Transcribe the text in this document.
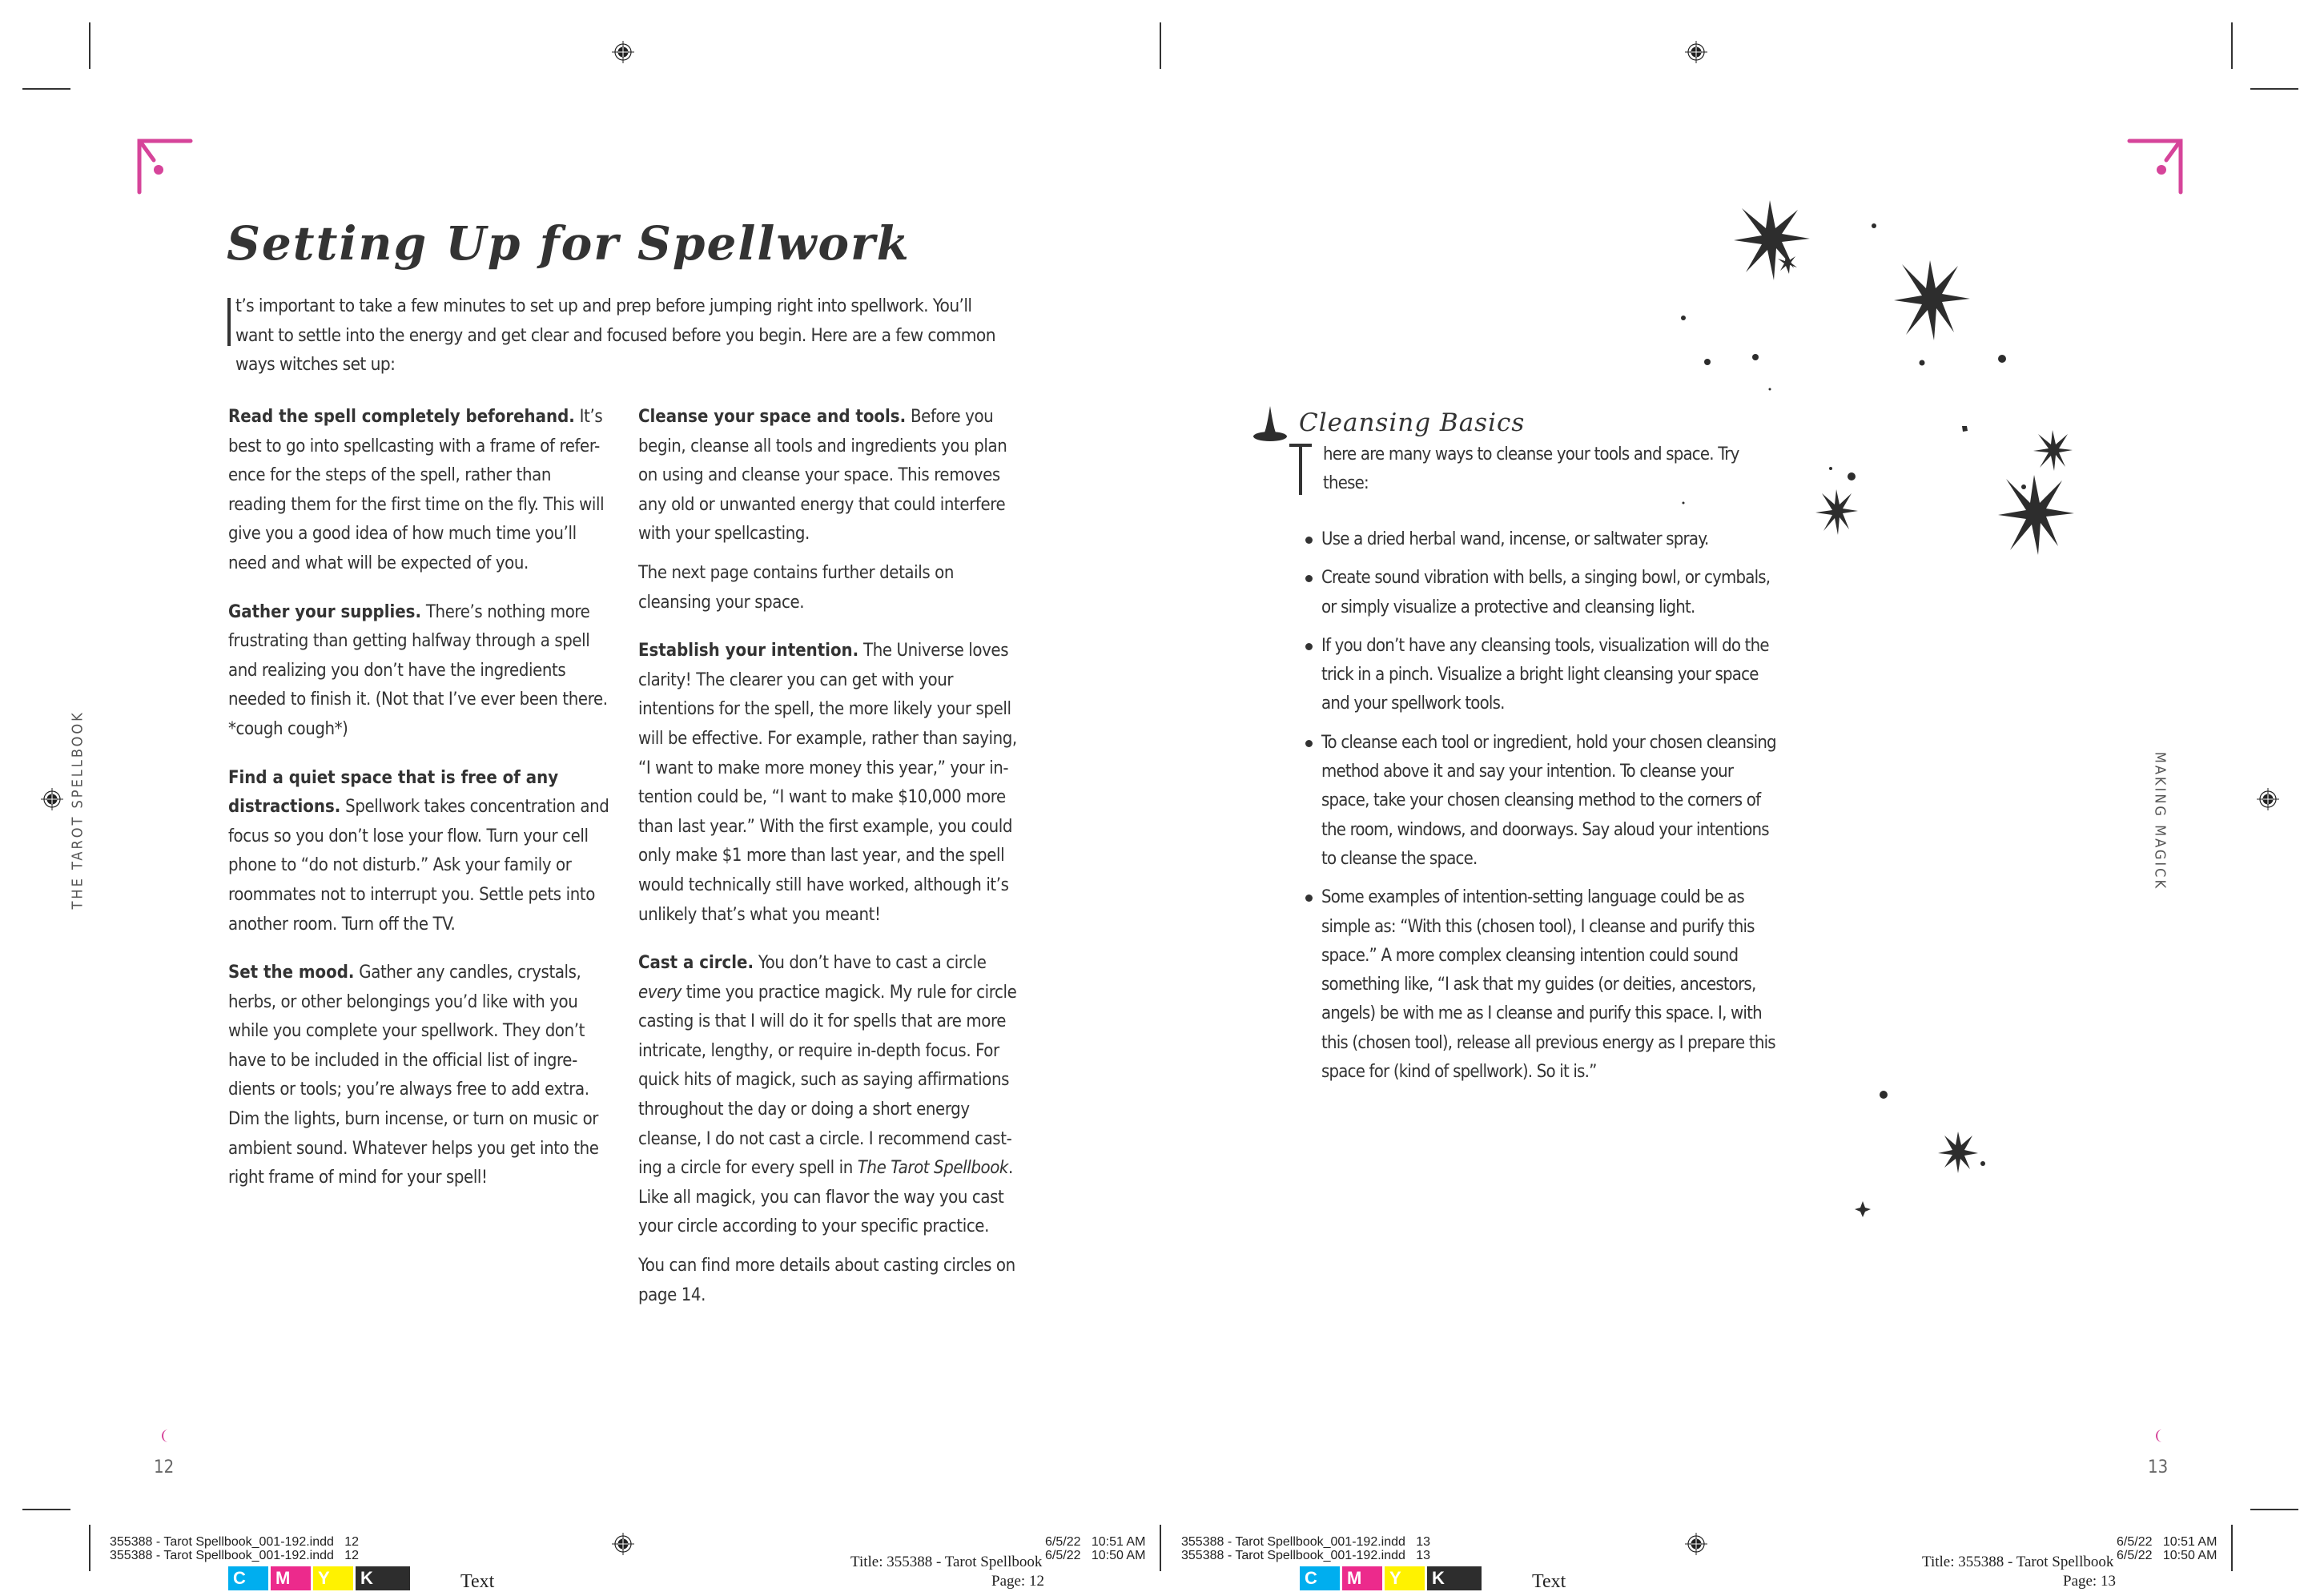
Setting Up for Spellwork
t’s important to take a few minutes to set up and prep before jumping right into spellwork. You’ll want to settle into the energy and get clear and focused before you begin. Here are a few common ways witches set up:

Read the spell completely beforehand. It’s best to go into spellcasting with a frame of refer-ence for the steps of the spell, rather than reading them for the first time on the fly. This will give you a good idea of how much time you’ll need and what will be expected of you.

Gather your supplies. There’s nothing more frustrating than getting halfway through a spell and realizing you don’t have the ingredients needed to finish it. (Not that I’ve ever been there. *cough cough*)

Find a quiet space that is free of any distractions. Spellwork takes concentration and focus so you don’t lose your flow. Turn your cell phone to “do not disturb.” Ask your family or roommates not to interrupt you. Settle pets into another room. Turn off the TV.

Set the mood. Gather any candles, crystals, herbs, or other belongings you’d like with you while you complete your spellwork. They don’t have to be included in the official list of ingre-dients or tools; you’re always free to add extra. Dim the lights, burn incense, or turn on music or ambient sound. Whatever helps you get into the right frame of mind for your spell!

Cleanse your space and tools. Before you begin, cleanse all tools and ingredients you plan on using and cleanse your space. This removes any old or unwanted energy that could interfere with your spellcasting.

The next page contains further details on cleansing your space.

Establish your intention. The Universe loves clarity! The clearer you can get with your intentions for the spell, the more likely your spell will be effective. For example, rather than saying, “I want to make more money this year,” your in-tention could be, “I want to make $10,000 more than last year.” With the first example, you could only make $1 more than last year, and the spell would technically still have worked, although it’s unlikely that’s what you meant!

Cast a circle. You don’t have to cast a circle every time you practice magick. My rule for circle casting is that I will do it for spells that are more intricate, lengthy, or require in-depth focus. For quick hits of magick, such as saying affirmations throughout the day or doing a short energy cleanse, I do not cast a circle. I recommend cast-ing a circle for every spell in The Tarot Spellbook. Like all magick, you can flavor the way you cast your circle according to your specific practice.

You can find more details about casting circles on page 14.

THE TAROT SPELLBOOK
12
Cleansing Basics
here are many ways to cleanse your tools and space. Try these:
Use a dried herbal wand, incense, or saltwater spray.
Create sound vibration with bells, a singing bowl, or cymbals, or simply visualize a protective and cleansing light.
If you don’t have any cleansing tools, visualization will do the trick in a pinch. Visualize a bright light cleansing your space and your spellwork tools.
To cleanse each tool or ingredient, hold your chosen cleansing method above it and say your intention. To cleanse your space, take your chosen cleansing method to the corners of the room, windows, and doorways. Say aloud your intentions to cleanse the space.
Some examples of intention-setting language could be as simple as: “With this (chosen tool), I cleanse and purify this space.” A more complex cleansing intention could sound something like, “I ask that my guides (or deities, ancestors, angels) be with me as I cleanse and purify this space. I, with this (chosen tool), release all previous energy as I prepare this space for (kind of spellwork). So it is.”
MAKING MAGICK
13
355388 - Tarot Spellbook_001-192.indd   12
355388 - Tarot Spellbook_001-192.indd   12
C	M	Y	K	Text
6/5/22   10:51 AM
6/5/22   10:50 AM
Title: 355388 - Tarot Spellbook
Page: 12
355388 - Tarot Spellbook_001-192.indd   13
355388 - Tarot Spellbook_001-192.indd   13
C	M	Y	K	Text
6/5/22   10:51 AM
6/5/22   10:50 AM
Title: 355388 - Tarot Spellbook
Page: 13
